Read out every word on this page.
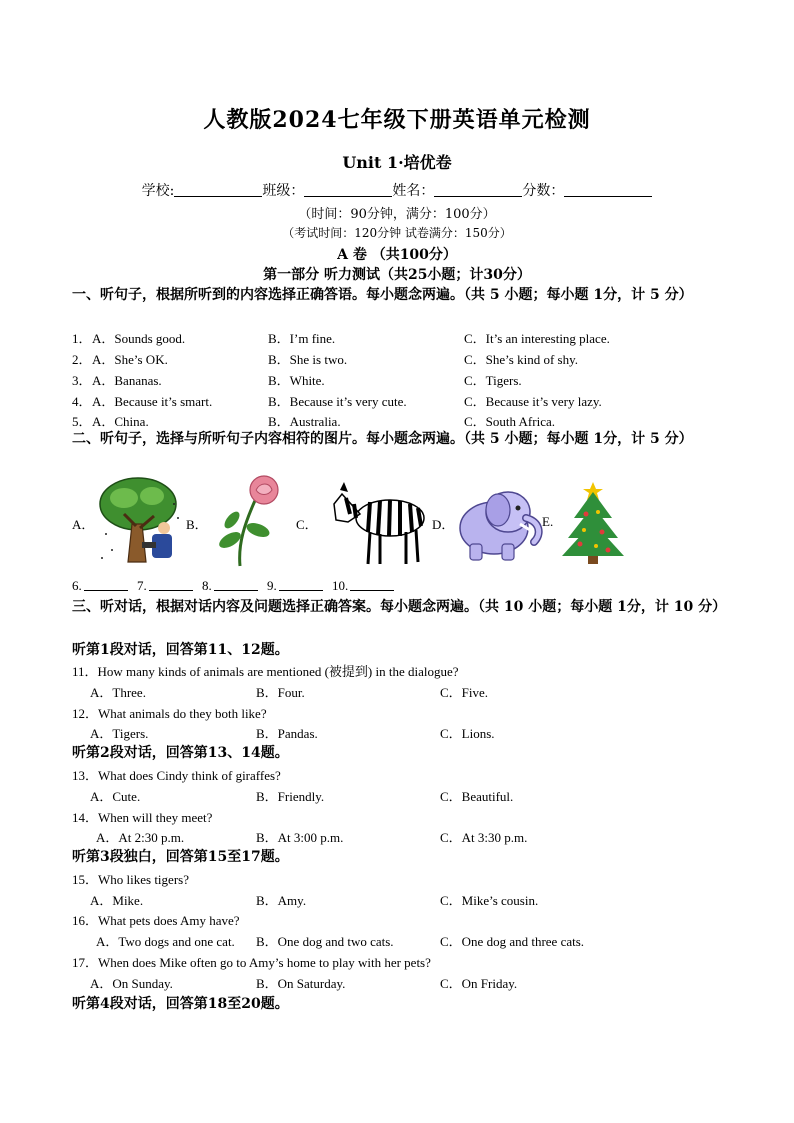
人教版2024七年级下册英语单元检测
Unit 1·培优卷
学校:	班级：	姓名：	分数：
（时间：90分钟，满分：100分）
（考试时间：120分钟 试卷满分：150分）
A 卷 （共100分）
第一部分 听力测试（共25小题；计30分）
一、听句子，根据所听到的内容选择正确答语。每小题念两遍。（共 5 小题；每小题 1分，计 5 分）
1． A．Sounds good.	B．I’m fine.	C．It’s an interesting place.
2． A．She’s OK.	B．She is two.	C．She’s kind of shy.
3． A．Bananas.	B．White.	C．Tigers.
4． A．Because it’s smart.	B．Because it’s very cute.	C．Because it’s very lazy.
5． A．China.	B．Australia.	C．South Africa.
二、听句子，选择与所听句子内容相符的图片。每小题念两遍。（共 5 小题；每小题 1分，计 5 分）
A．	B．	C．	D．	E.
6.	7.	8.	9.	10.
三、听对话，根据对话内容及问题选择正确答案。每小题念两遍。（共 10 小题；每小题 1分，计 10 分）
听第1段对话，回答第11、12题。
11．How many kinds of animals are mentioned (被提到) in the dialogue?
A．Three.	B．Four.	C．Five.
12．What animals do they both like?
A．Tigers.	B．Pandas.	C．Lions.
听第2段对话，回答第13、14题。
13．What does Cindy think of giraffes?
A．Cute.	B．Friendly.	C．Beautiful.
14．When will they meet?
A．At 2:30 p.m.	B．At 3:00 p.m.	C．At 3:30 p.m.
听第3段独白，回答第15至17题。
15．Who likes tigers?
A．Mike.	B．Amy.	C．Mike’s cousin.
16．What pets does Amy have?
A．Two dogs and one cat. B．One dog and two cats.	C．One dog and three cats.
17．When does Mike often go to Amy’s home to play with her pets?
A．On Sunday.	B．On Saturday.	C．On Friday.
听第4段对话，回答第18至20题。
